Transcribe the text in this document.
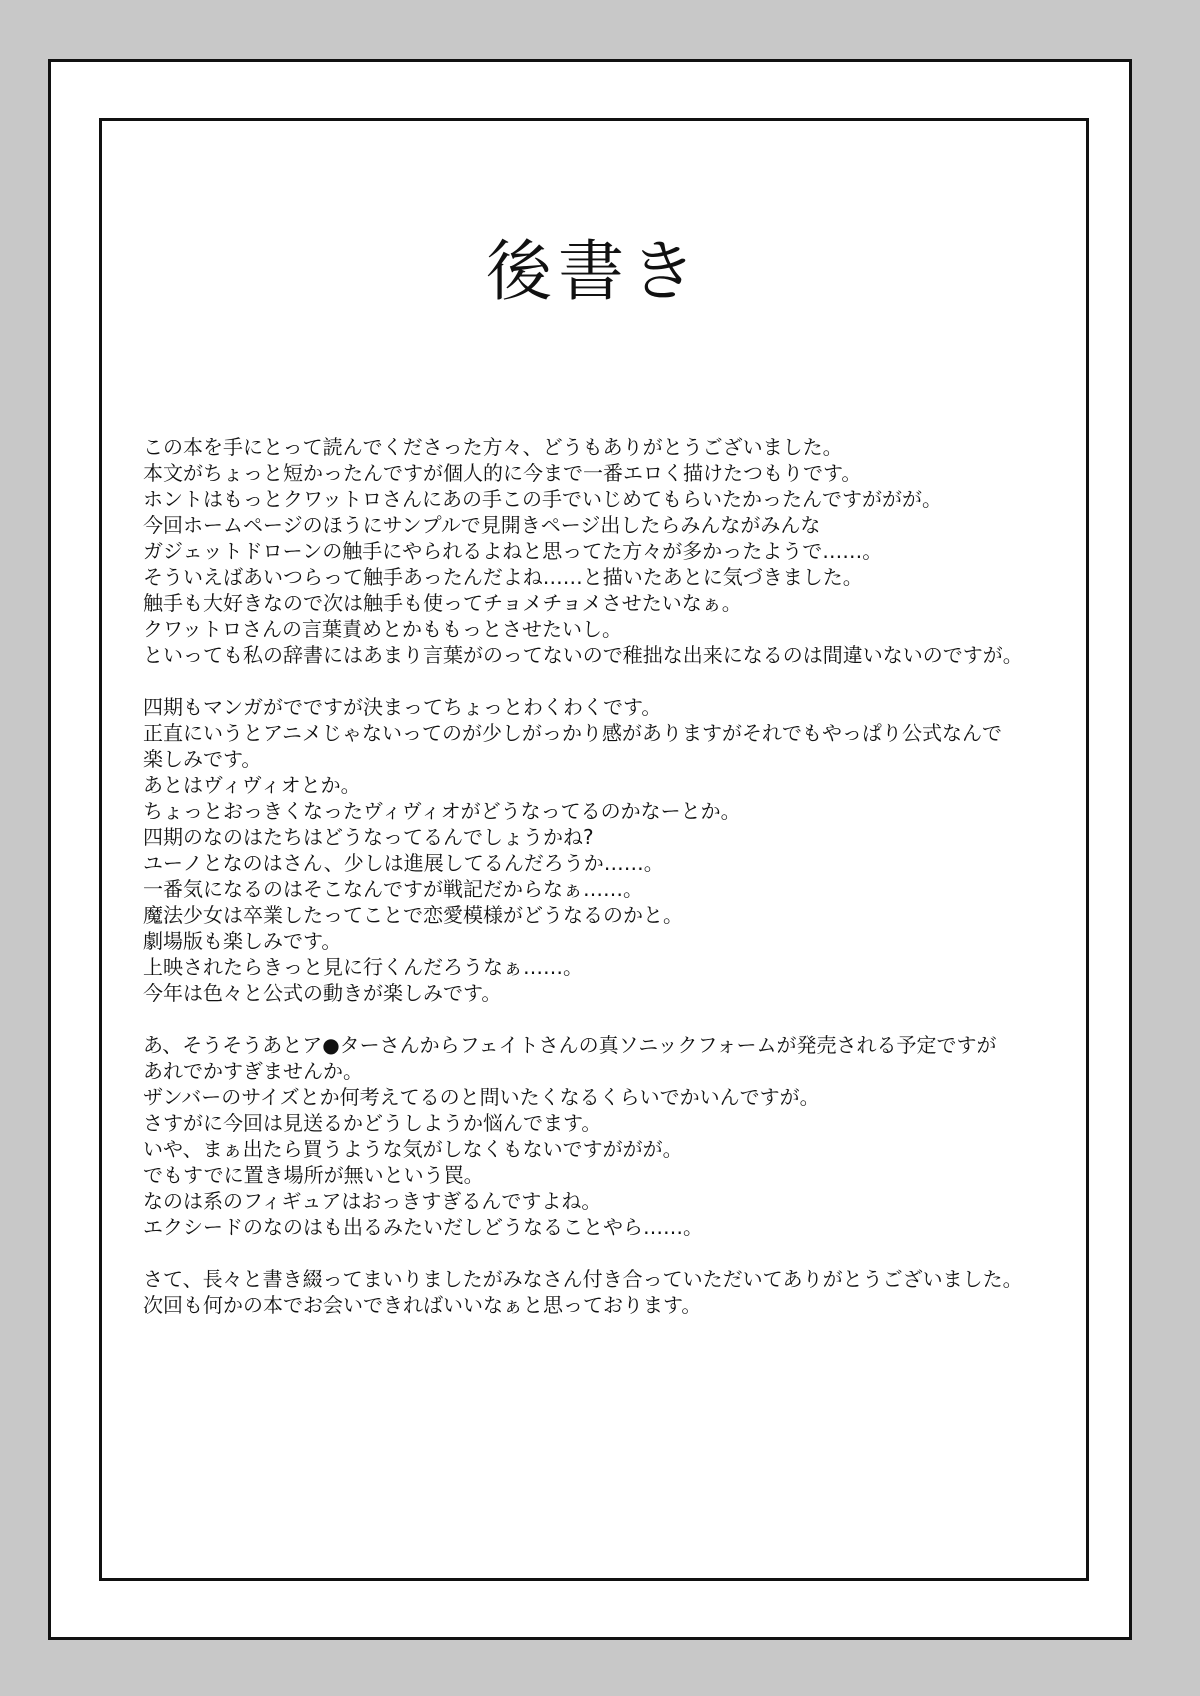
後書き
この本を手にとって読んでくださった方々、どうもありがとうございました。
本文がちょっと短かったんですが個人的に今まで一番エロく描けたつもりです。
ホントはもっとクワットロさんにあの手この手でいじめてもらいたかったんですががが。
今回ホームページのほうにサンプルで見開きページ出したらみんながみんな
ガジェットドローンの触手にやられるよねと思ってた方々が多かったようで……。
そういえばあいつらって触手あったんだよね……と描いたあとに気づきました。
触手も大好きなので次は触手も使ってチョメチョメさせたいなぁ。
クワットロさんの言葉責めとかももっとさせたいし。
といっても私の辞書にはあまり言葉がのってないので稚拙な出来になるのは間違いないのですが。
四期もマンガがでですが決まってちょっとわくわくです。
正直にいうとアニメじゃないってのが少しがっかり感がありますがそれでもやっぱり公式なんで
楽しみです。
あとはヴィヴィオとか。
ちょっとおっきくなったヴィヴィオがどうなってるのかなーとか。
四期のなのはたちはどうなってるんでしょうかね?
ユーノとなのはさん、少しは進展してるんだろうか……。
一番気になるのはそこなんですが戦記だからなぁ……。
魔法少女は卒業したってことで恋愛模様がどうなるのかと。
劇場版も楽しみです。
上映されたらきっと見に行くんだろうなぁ……。
今年は色々と公式の動きが楽しみです。
あ、そうそうあとア●ターさんからフェイトさんの真ソニックフォームが発売される予定ですが
あれでかすぎませんか。
ザンバーのサイズとか何考えてるのと問いたくなるくらいでかいんですが。
さすがに今回は見送るかどうしようか悩んでます。
いや、まぁ出たら買うような気がしなくもないですががが。
でもすでに置き場所が無いという罠。
なのは系のフィギュアはおっきすぎるんですよね。
エクシードのなのはも出るみたいだしどうなることやら……。
さて、長々と書き綴ってまいりましたがみなさん付き合っていただいてありがとうございました。
次回も何かの本でお会いできればいいなぁと思っております。
